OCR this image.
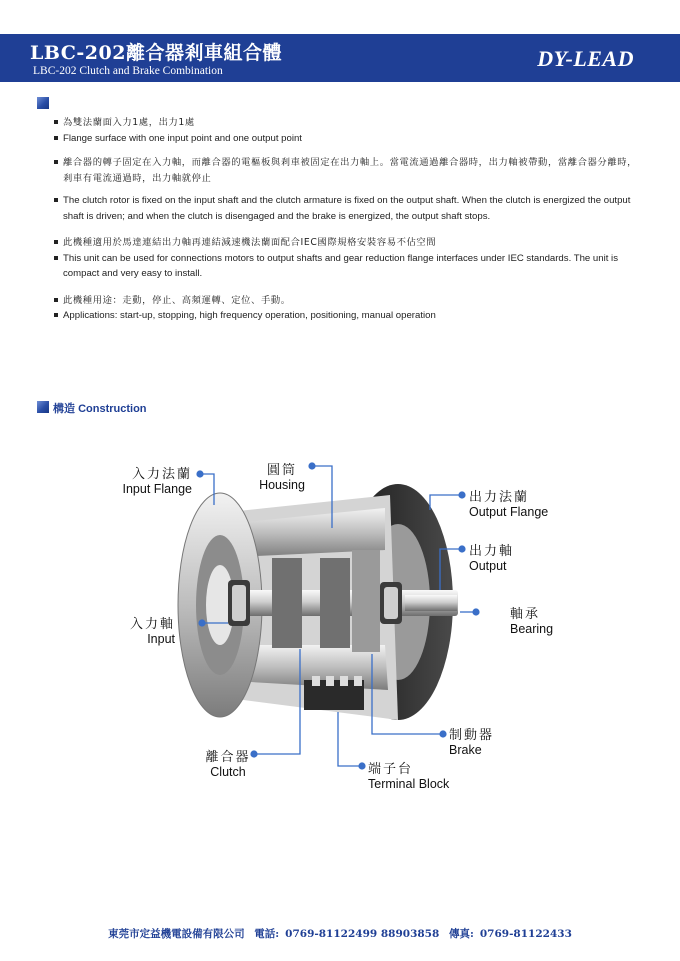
LBC-202離合器剎車組合體
LBC-202 Clutch and Brake Combination	DY-LEAD
為雙法蘭面入力1處，出力1處
Flange surface with one input point and one output point
離合器的轉子固定在入力軸，而離合器的電樞板與剎車被固定在出力軸上。當電流通過離合器時，出力軸被帶動，當離合器分離時，剎車有電流通過時，出力軸就停止
The clutch rotor is fixed on the input shaft and the clutch armature is fixed on the output shaft. When the clutch is energized the output shaft is driven; and when the clutch is disengaged and the brake is energized, the output shaft stops.
此機種適用於馬達連結出力軸再連結減速機法蘭面配合IEC國際規格安裝容易不佔空間
This unit can be used for connections motors to output shafts and gear reduction flange interfaces under IEC standards. The unit is compact and very easy to install.
此機種用途：走動，停止、高頻運轉、定位、手動。
Applications: start-up, stopping, high frequency operation, positioning, manual operation
構造 Construction
入力法蘭
Input Flange
圓筒
Housing
出力法蘭
Output Flange
出力軸
Output
入力軸
Input
軸承
Bearing
制動器
Brake
離合器
Clutch	端子台
Terminal Block
東莞市定益機電設備有限公司 電話: 0769-81122499 88903858 傳真: 0769-81122433
